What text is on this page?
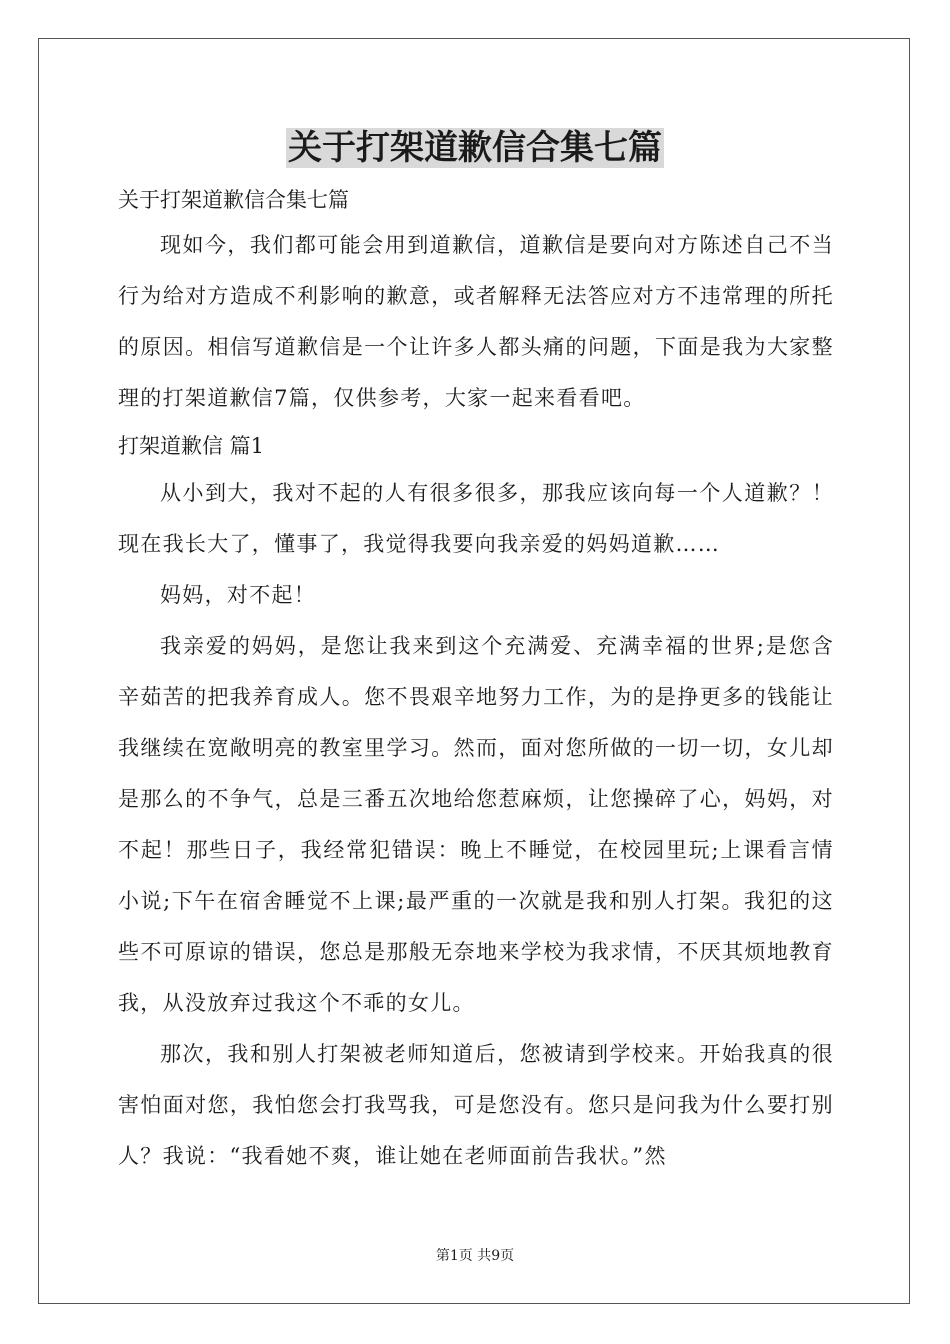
关于打架道歉信合集七篇

关于打架道歉信合集七篇

现如今，我们都可能会用到道歉信，道歉信是要向对方陈述自己不当行为给对方造成不利影响的歉意，或者解释无法答应对方不违常理的所托的原因。相信写道歉信是一个让许多人都头痛的问题，下面是我为大家整理的打架道歉信7篇，仅供参考，大家一起来看看吧。

打架道歉信 篇1

从小到大，我对不起的人有很多很多，那我应该向每一个人道歉？！现在我长大了，懂事了，我觉得我要向我亲爱的妈妈道歉……

妈妈，对不起！

我亲爱的妈妈，是您让我来到这个充满爱、充满幸福的世界;是您含辛茹苦的把我养育成人。您不畏艰辛地努力工作，为的是挣更多的钱能让我继续在宽敞明亮的教室里学习。然而，面对您所做的一切一切，女儿却是那么的不争气，总是三番五次地给您惹麻烦，让您操碎了心，妈妈，对不起！那些日子，我经常犯错误：晚上不睡觉，在校园里玩;上课看言情小说;下午在宿舍睡觉不上课;最严重的一次就是我和别人打架。我犯的这些不可原谅的错误，您总是那般无奈地来学校为我求情，不厌其烦地教育我，从没放弃过我这个不乖的女儿。

那次，我和别人打架被老师知道后，您被请到学校来。开始我真的很害怕面对您，我怕您会打我骂我，可是您没有。您只是问我为什么要打别人？我说：“我看她不爽，谁让她在老师面前告我状。”然

第1页 共9页
